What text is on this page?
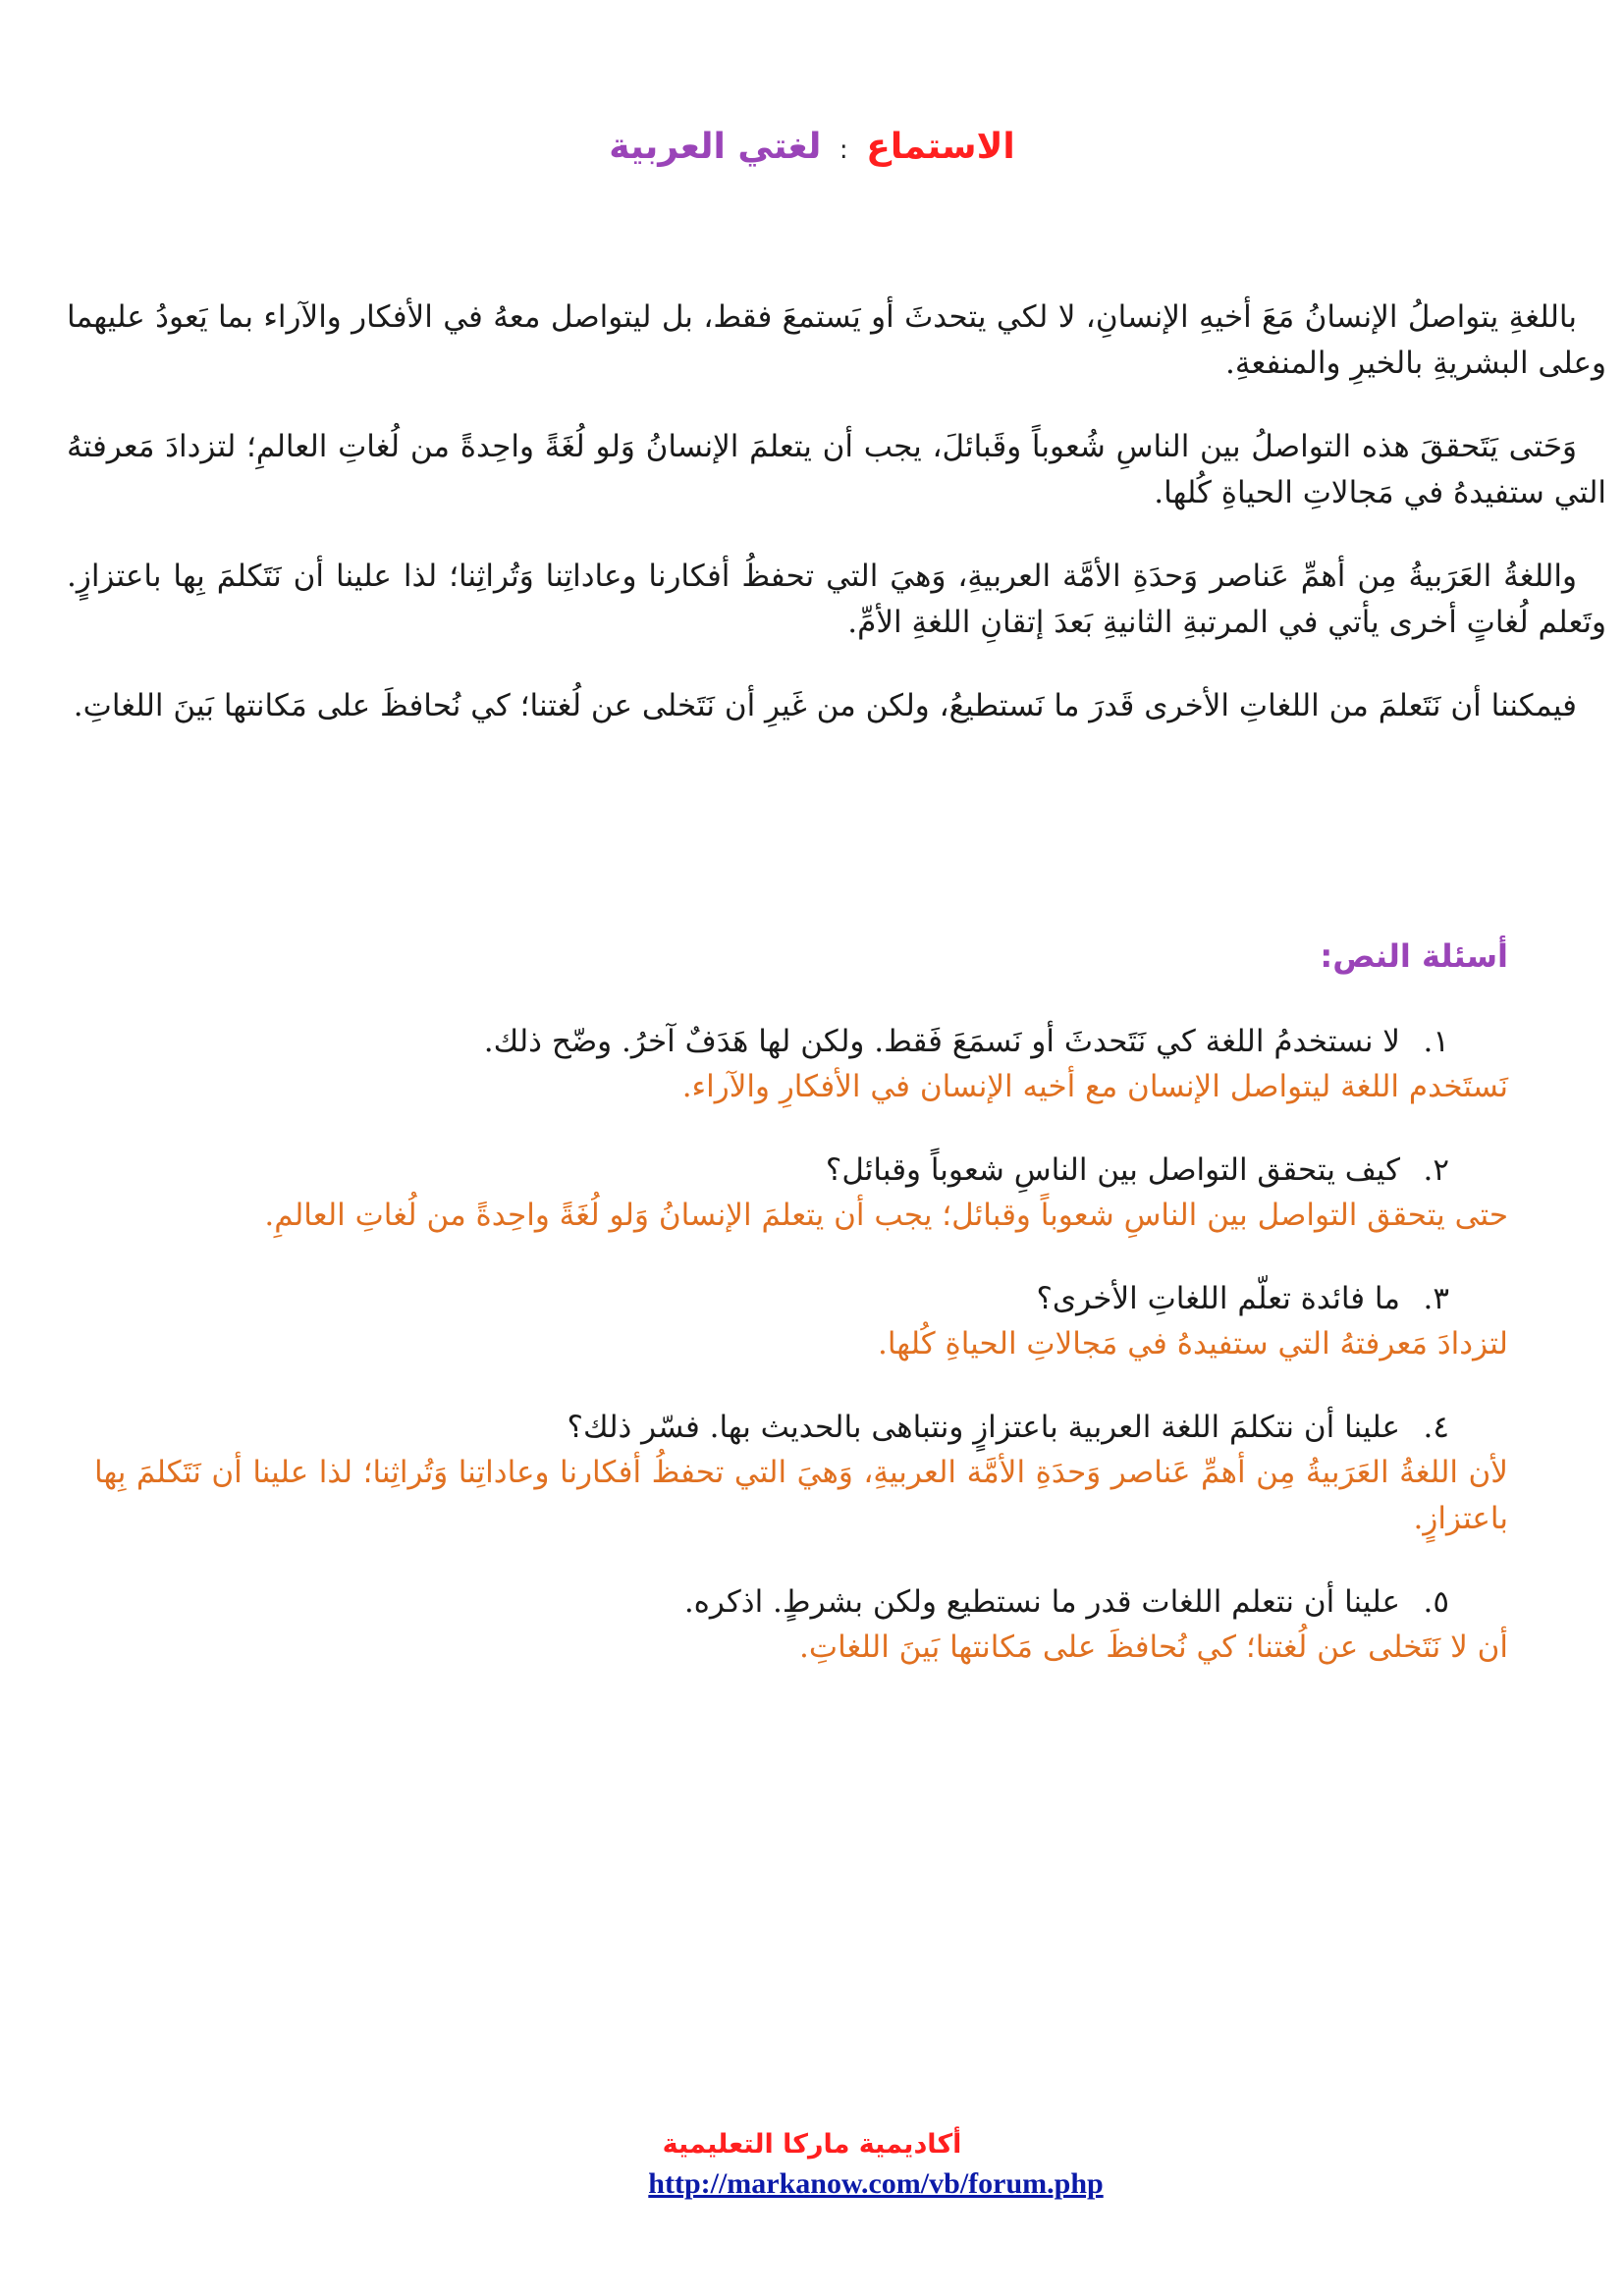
الاستماع : لغتي العربية

باللغةِ يتواصلُ الإنسانُ مَعَ أخيهِ الإنسانِ، لا لكي يتحدثَ أو يَستمعَ فقط، بل ليتواصل معهُ في الأفكار والآراء بما يَعودُ عليهما وعلى البشريةِ بالخيرِ والمنفعةِ.

وَحَتى يَتَحققَ هذه التواصلُ بين الناسِ شُعوباً وقَبائلَ، يجب أن يتعلمَ الإنسانُ وَلو لُغَةً واحِدةً من لُغاتِ العالمِ؛ لتزدادَ مَعرفتهُ التي ستفيدهُ في مَجالاتِ الحياةِ كُلها.

واللغةُ العَرَبيةُ مِن أهمِّ عَناصر وَحدَةِ الأمَّة العربيةِ، وَهيَ التي تحفظُ أفكارنا وعاداتِنا وَتُراثِنا؛ لذا علينا أن نَتَكلمَ بِها باعتزازٍ. وتَعلم لُغاتٍ أخرى يأتي في المرتبةِ الثانيةِ بَعدَ إتقانِ اللغةِ الأمِّ.

فيمكننا أن نَتَعلمَ من اللغاتِ الأخرى قَدرَ ما نَستطيعُ، ولكن من غَيرِ أن نَتَخلى عن لُغتنا؛ كي نُحافظَ على مَكانتها بَينَ اللغاتِ.

أسئلة النص:
١.لا نستخدمُ اللغة كي نَتَحدثَ أو نَسمَعَ فَقط. ولكن لها هَدَفٌ آخرُ. وضّح ذلك.
نَستَخدم اللغة ليتواصل الإنسان مع أخيه الإنسان في الأفكارِ والآراء.
٢.كيف يتحقق التواصل بين الناسِ شعوباً وقبائل؟
حتى يتحقق التواصل بين الناسِ شعوباً وقبائل؛ يجب أن يتعلمَ الإنسانُ وَلو لُغَةً واحِدةً من لُغاتِ العالمِ.
٣.ما فائدة تعلّم اللغاتِ الأخرى؟
لتزدادَ مَعرفتهُ التي ستفيدهُ في مَجالاتِ الحياةِ كُلها.
٤.علينا أن نتكلمَ اللغة العربية باعتزازٍ ونتباهى بالحديث بها. فسّر ذلك؟
لأن اللغةُ العَرَبيةُ مِن أهمِّ عَناصر وَحدَةِ الأمَّة العربيةِ، وَهيَ التي تحفظُ أفكارنا وعاداتِنا وَتُراثِنا؛ لذا علينا أن نَتَكلمَ بِها باعتزازٍ.
٥.علينا أن نتعلم اللغات قدر ما نستطيع ولكن بشرطٍ. اذكره.
أن لا نَتَخلى عن لُغتنا؛ كي نُحافظَ على مَكانتها بَينَ اللغاتِ.
أكاديمية ماركا التعليمية
http://markanow.com/vb/forum.php
